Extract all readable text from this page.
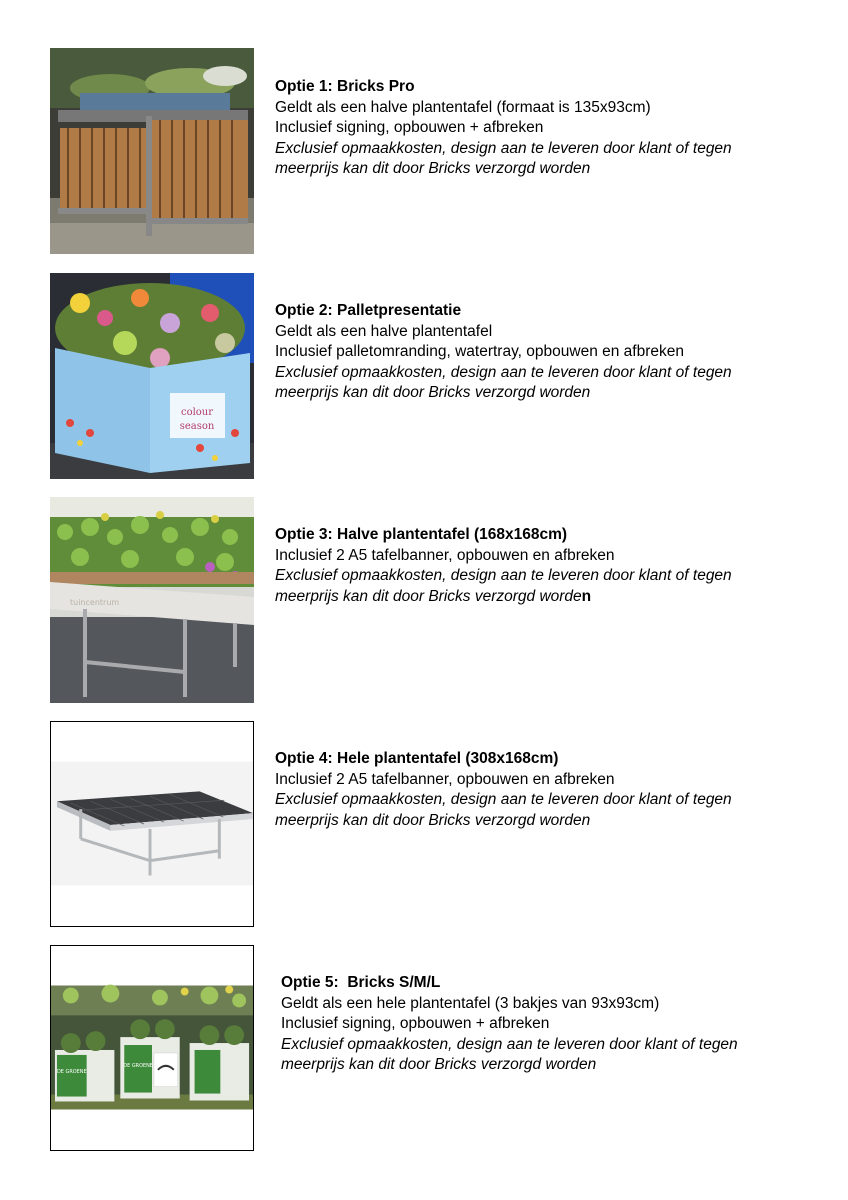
Optie 1: Bricks Pro
Geldt als een halve plantentafel (formaat is 135x93cm)
Inclusief signing, opbouwen + afbreken
Exclusief opmaakkosten, design aan te leveren door klant of tegen
meerprijs kan dit door Bricks verzorgd worden
colour
season
Optie 2: Palletpresentatie
Geldt als een halve plantentafel
Inclusief palletomranding, watertray, opbouwen en afbreken
Exclusief opmaakkosten, design aan te leveren door klant of tegen
meerprijs kan dit door Bricks verzorgd worden
tuincentrum
Optie 3: Halve plantentafel (168x168cm)
Inclusief 2 A5 tafelbanner, opbouwen en afbreken
Exclusief opmaakkosten, design aan te leveren door klant of tegen
meerprijs kan dit door Bricks verzorgd worden
Optie 4: Hele plantentafel (308x168cm)
Inclusief 2 A5 tafelbanner, opbouwen en afbreken
Exclusief opmaakkosten, design aan te leveren door klant of tegen
meerprijs kan dit door Bricks verzorgd worden
DE GROENE
DE GROENE
Optie 5:  Bricks S/M/L
Geldt als een hele plantentafel (3 bakjes van 93x93cm)
Inclusief signing, opbouwen + afbreken
Exclusief opmaakkosten, design aan te leveren door klant of tegen
meerprijs kan dit door Bricks verzorgd worden
